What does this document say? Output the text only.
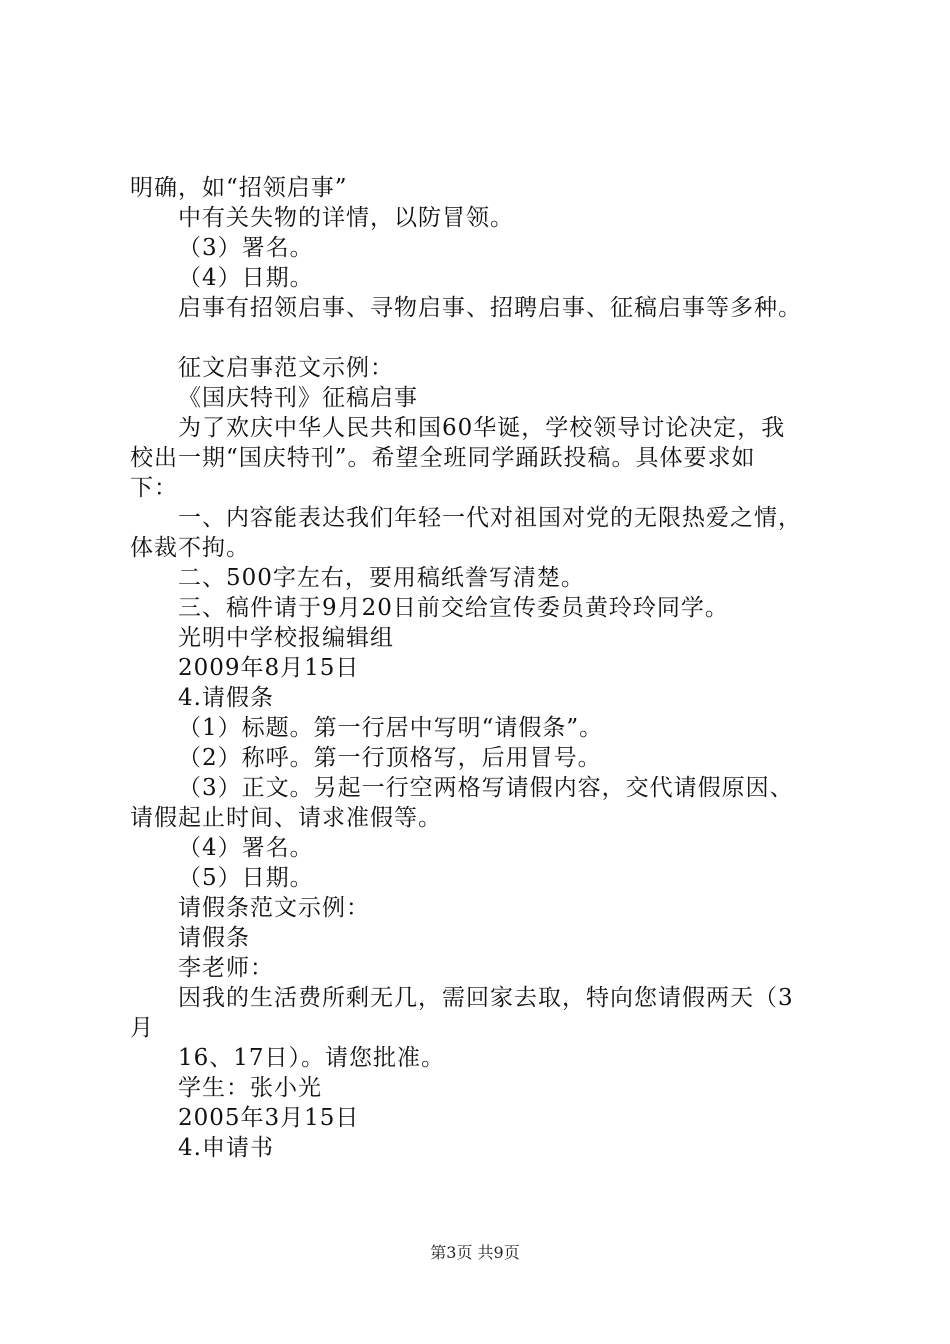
明确，如“招领启事”
中有关失物的详情，以防冒领。
（3）署名。
（4）日期。
启事有招领启事、寻物启事、招聘启事、征稿启事等多种。
征文启事范文示例：
《国庆特刊》征稿启事
为了欢庆中华人民共和国60华诞，学校领导讨论决定，我
校出一期“国庆特刊”。希望全班同学踊跃投稿。具体要求如
下：
一、内容能表达我们年轻一代对祖国对党的无限热爱之情，
体裁不拘。
二、500字左右，要用稿纸誊写清楚。
三、稿件请于9月20日前交给宣传委员黄玲玲同学。
光明中学校报编辑组
2009年8月15日
4.请假条
（1）标题。第一行居中写明“请假条”。
（2）称呼。第一行顶格写，后用冒号。
（3）正文。另起一行空两格写请假内容，交代请假原因、
请假起止时间、请求准假等。
（4）署名。
（5）日期。
请假条范文示例：
请假条
李老师：
因我的生活费所剩无几，需回家去取，特向您请假两天（3
月
16、17日）。请您批准。
学生：张小光
2005年3月15日
4.申请书
第3页 共9页
